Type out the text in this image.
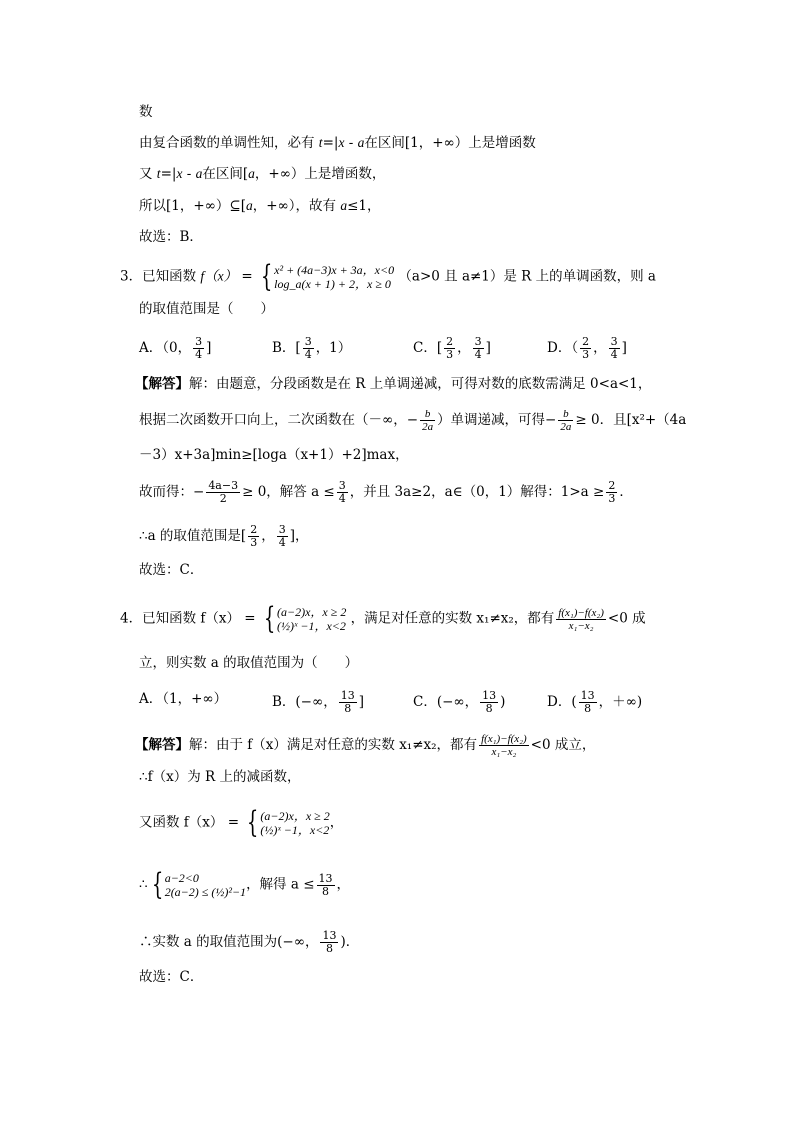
数
由复合函数的单调性知，必有 t=|x - a在区间[1，+∞）上是增函数
又 t=|x - a在区间[a，+∞）上是增函数，
所以[1，+∞）⊆[a，+∞），故有 a≤1，
故选：B．
3．已知函数 f（x） = { x² + (4a−3)x + 3a，x<0
log_a(x + 1) + 2，x ≥ 0 （a>0 且 a≠1）是 R 上的单调函数，则 a
的取值范围是（　　）
A．（0， $\frac{3}{4}$ ]	B．[ $\frac{3}{4}$ ，1）	C．[ $\frac{2}{3}$ ， $\frac{3}{4}$ ]	D．（ $\frac{2}{3}$ ， $\frac{3}{4}$ ]
【解答】解：由题意，分段函数是在 R 上单调递减，可得对数的底数需满足 0<a<1，
根据二次函数开口向上，二次函数在（－∞，− $\frac{b}{2a}$ ）单调递减，可得− $\frac{b}{2a} \ge 0$．且[x²+（4a
－3）x+3a]min≥[loga（x+1）+2]max，
故而得：− $\frac{4a-3}{2} \ge 0$，解答 $a \le \frac{3}{4}$ ，并且 3a≥2，a∈（0，1）解得：$1>a \ge \frac{2}{3}$ ．
∴a 的取值范围是[ $\frac{2}{3}$ ， $\frac{3}{4}$ ]，
故选：C．
4．已知函数 f（x） = { (a−2)x，x ≥ 2
(½)ˣ −1，x<2 ，满足对任意的实数 x₁≠x₂，都有 $\frac{\text{f(x₁)−f(x₂)}}{\text{x₁−x₂}} <0$ 成
立，则实数 a 的取值范围为（　　）
A．（1，+∞）	B．(−∞， $\frac{13}{8}$ ]	C．(−∞， $\frac{13}{8}$ )	D．( $\frac{13}{8}$ ，＋∞)
【解答】解：由于 f（x）满足对任意的实数 x₁≠x₂，都有 $\frac{\text{f(x₁)−f(x₂)}}{\text{x₁−x₂}} <0$ 成立，
∴f（x）为 R 上的减函数，
又函数 f（x） = { (a−2)x，x ≥ 2
(½)ˣ −1，x<2 ，
∴ { a−2<0
2(a−2) ≤ (½)²−1 ，解得 $a \le \frac{13}{8}$ ，
∴实数 a 的取值范围为(−∞， $\frac{13}{8}$ )．
故选：C．
